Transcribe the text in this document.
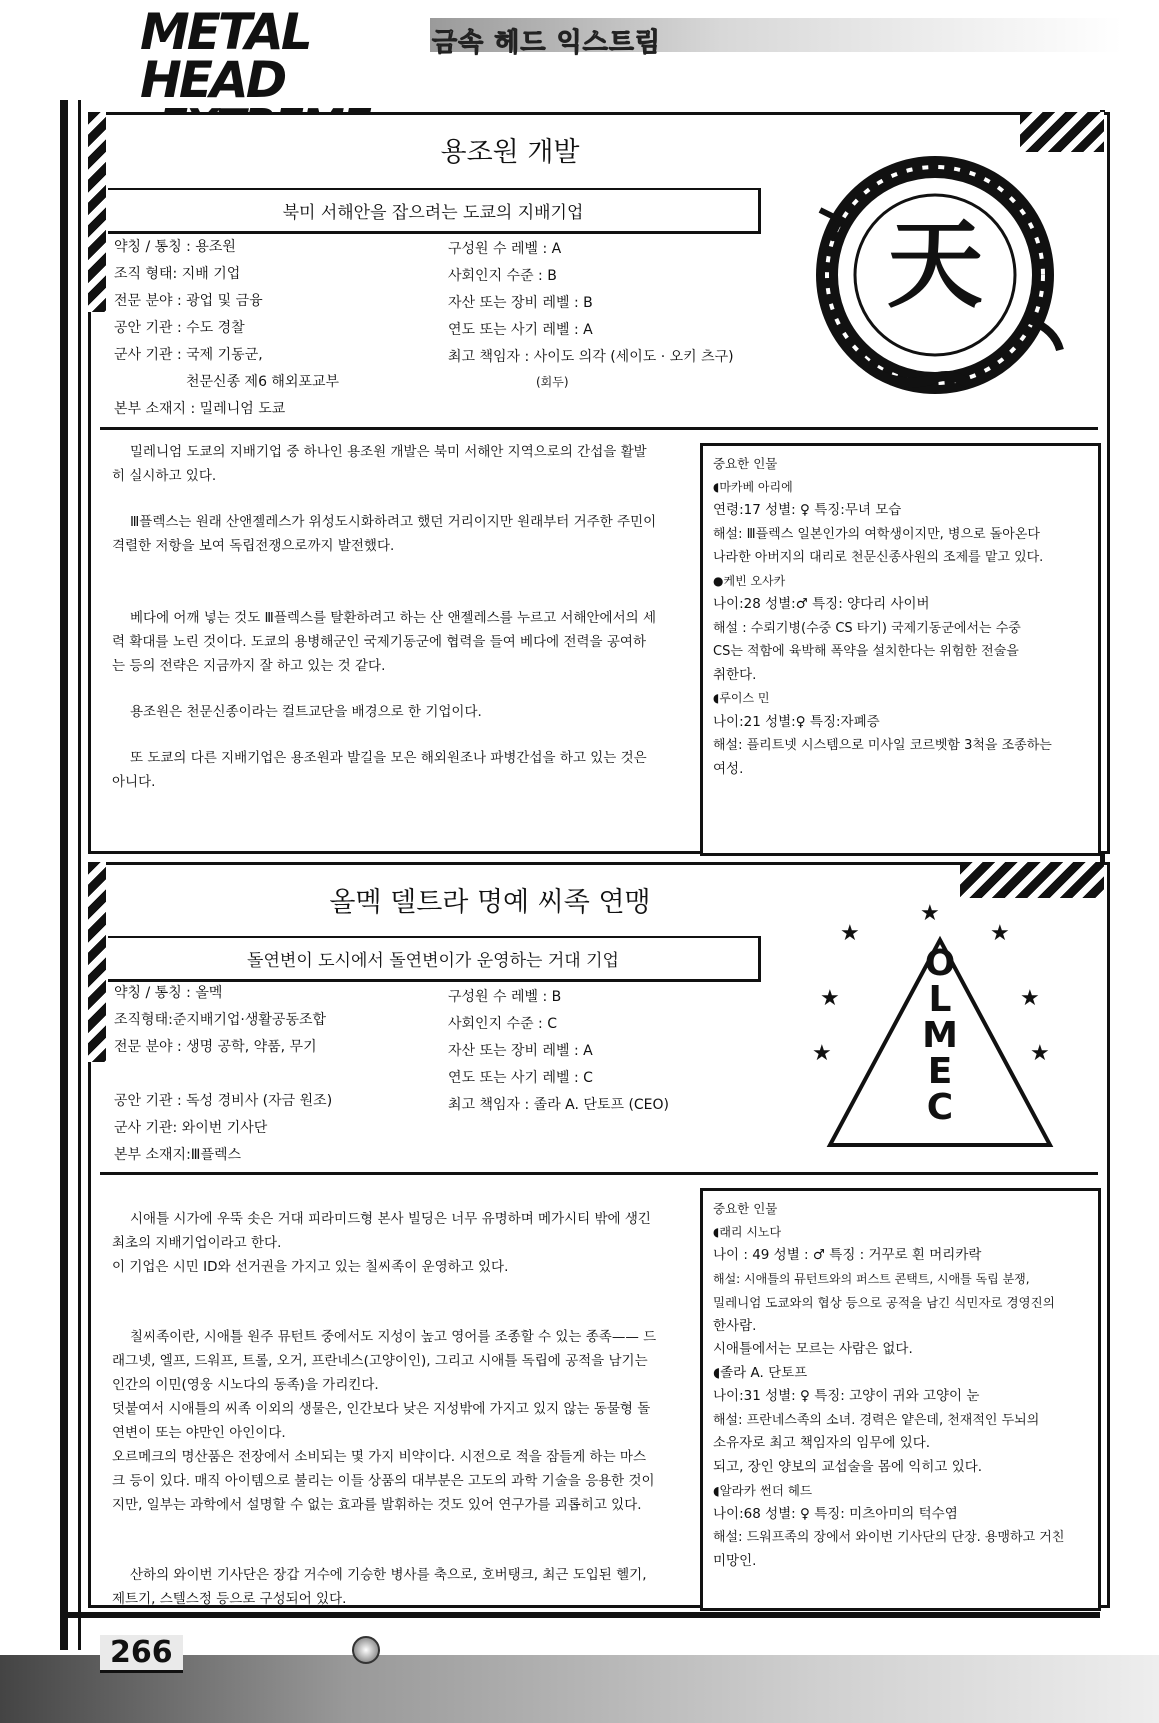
METAL HEAD
금속 헤드 익스트림
용조원 개발
북미 서해안을 잡으려는 도쿄의 지배기업
약칭 / 통칭 : 용조원
조직 형태: 지배 기업
전문 분야 : 광업 및 금융
공안 기관 : 수도 경찰
군사 기관 : 국제 기동군,
천문신종 제6 해외포교부
본부 소재지 : 밀레니엄 도쿄
구성원 수 레벨 : A
사회인지 수준 : B
자산 또는 장비 레벨 : B
연도 또는 사기 레벨 : A
최고 책임자 : 사이도 의각 (세이도 · 오키 츠구)
(회두)
天

밀레니엄 도쿄의 지배기업 중 하나인 용조원 개발은 북미 서해안 지역으로의 간섭을 활발히 실시하고 있다.

Ⅲ플렉스는 원래 산앤젤레스가 위성도시화하려고 했던 거리이지만 원래부터 거주한 주민이 격렬한 저항을 보여 독립전쟁으로까지 발전했다.

베다에 어깨 넣는 것도 Ⅲ플렉스를 탈환하려고 하는 산 앤젤레스를 누르고 서해안에서의 세력 확대를 노린 것이다. 도쿄의 용병해군인 국제기동군에 협력을 들여 베다에 전력을 공여하는 등의 전략은 지금까지 잘 하고 있는 것 같다.

용조원은 천문신종이라는 컬트교단을 배경으로 한 기업이다.

또 도쿄의 다른 지배기업은 용조원과 발길을 모은 해외원조나 파병간섭을 하고 있는 것은 아니다.

중요한 인물
◖마카베 아리에
연령:17 성별: ♀ 특징:무녀 모습
해설: Ⅲ플렉스 일본인가의 여학생이지만, 병으로 돌아온다
나라한 아버지의 대리로 천문신종사원의 조제를 맡고 있다.
●케빈 오사카
나이:28 성별:♂ 특징: 양다리 사이버
해설 : 수뢰기병(수중 CS 타기) 국제기동군에서는 수중
CS는 적함에 육박해 폭약을 설치한다는 위험한 전술을
취한다.
◖루이스 민
나이:21 성별:♀ 특징:자폐증
해설: 플리트넷 시스템으로 미사일 코르벳함 3척을 조종하는
여성.
올멕 델트라 명예 씨족 연맹
돌연변이 도시에서 돌연변이가 운영하는 거대 기업
약칭 / 통칭 : 올멕
조직형태:준지배기업·생활공동조합
전문 분야 : 생명 공학, 약품, 무기
공안 기관 : 독성 경비사 (자금 원조)
군사 기관: 와이번 기사단
본부 소재지:Ⅲ플렉스
구성원 수 레벨 : B
사회인지 수준 : C
자산 또는 장비 레벨 : A
연도 또는 사기 레벨 : C
최고 책임자 : 졸라 A. 단토프 (CEO)
★
★
★
★	★
★	★
O
L
M
E
C

시애틀 시가에 우뚝 솟은 거대 피라미드형 본사 빌딩은 너무 유명하며 메가시티 밖에 생긴 최초의 지배기업이라고 한다.
이 기업은 시민 ID와 선거권을 가지고 있는 칠씨족이 운영하고 있다.

칠씨족이란, 시애틀 원주 뮤턴트 중에서도 지성이 높고 영어를 조종할 수 있는 종족—— 드래그넷, 엘프, 드워프, 트롤, 오거, 프란네스(고양이인), 그리고 시애틀 독립에 공적을 남기는 인간의 이민(영웅 시노다의 동족)을 가리킨다.
덧붙여서 시애틀의 씨족 이외의 생물은, 인간보다 낮은 지성밖에 가지고 있지 않는 동물형 돌연변이 또는 야만인 아인이다.
오르메크의 명산품은 전장에서 소비되는 몇 가지 비약이다. 시전으로 적을 잠들게 하는 마스크 등이 있다. 매직 아이템으로 불리는 이들 상품의 대부분은 고도의 과학 기술을 응용한 것이지만, 일부는 과학에서 설명할 수 없는 효과를 발휘하는 것도 있어 연구가를 괴롭히고 있다.

산하의 와이번 기사단은 장갑 거수에 기승한 병사를 축으로, 호버탱크, 최근 도입된 헬기, 제트기, 스텔스정 등으로 구성되어 있다.

중요한 인물
◖래리 시노다
나이 : 49 성별 : ♂ 특징 : 거꾸로 흰 머리카락
해설: 시애틀의 뮤턴트와의 퍼스트 콘택트, 시애틀 독립 분쟁,
밀레니엄 도쿄와의 협상 등으로 공적을 남긴 식민자로 경영진의
한사람.
시애틀에서는 모르는 사람은 없다.
◖졸라 A. 단토프
나이:31 성별: ♀ 특징: 고양이 귀와 고양이 눈
해설: 프란네스족의 소녀. 경력은 얕은데, 천재적인 두뇌의
소유자로 최고 책임자의 임무에 있다.
되고, 장인 양보의 교섭술을 몸에 익히고 있다.
◖알라카 썬더 헤드
나이:68 성별: ♀ 특징: 미츠아미의 턱수염
해설: 드워프족의 장에서 와이번 기사단의 단장. 용맹하고 거친
미망인.
266
